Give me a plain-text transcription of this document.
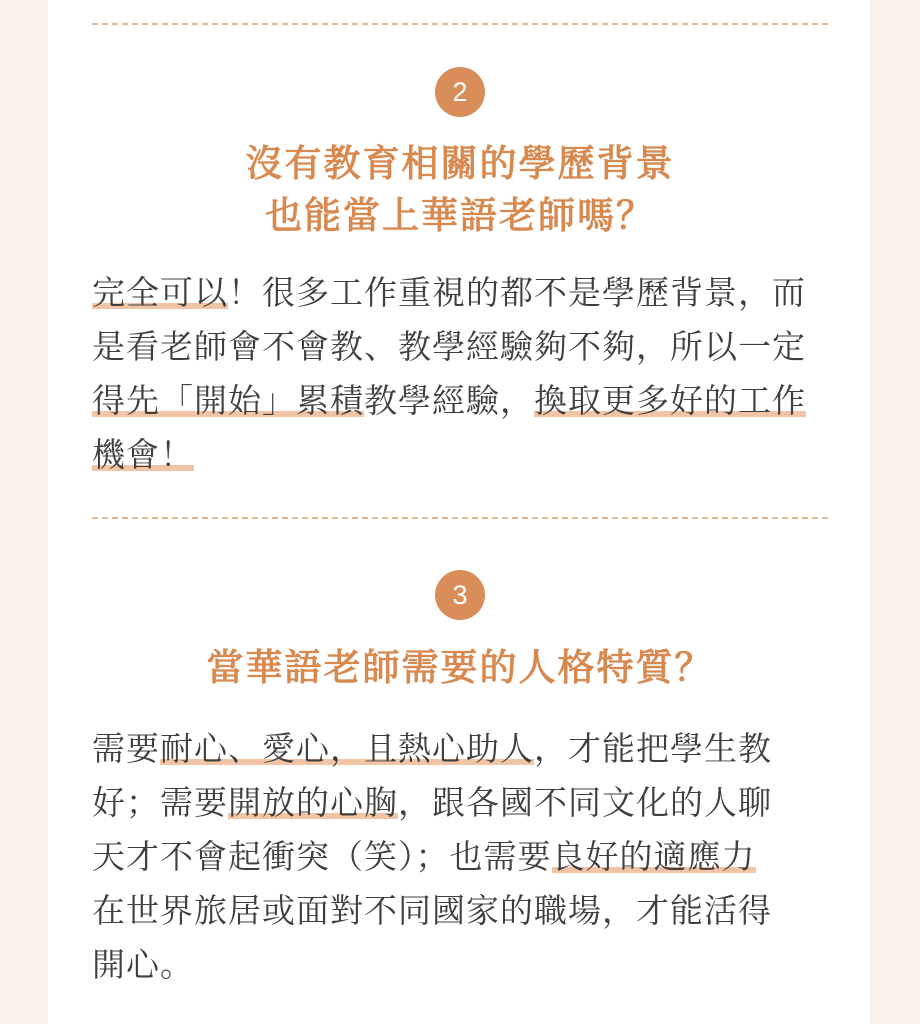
2
沒有教育相關的學歷背景
也能當上華語老師嗎？
完全可以！很多工作重視的都不是學歷背景，而
是看老師會不會教、教學經驗夠不夠，所以一定
得先「開始」累積教學經驗，換取更多好的工作
機會！
3
當華語老師需要的人格特質？
需要耐心、愛心，且熱心助人，才能把學生教
好；需要開放的心胸，跟各國不同文化的人聊
天才不會起衝突（笑）；也需要良好的適應力
在世界旅居或面對不同國家的職場，才能活得
開心。
